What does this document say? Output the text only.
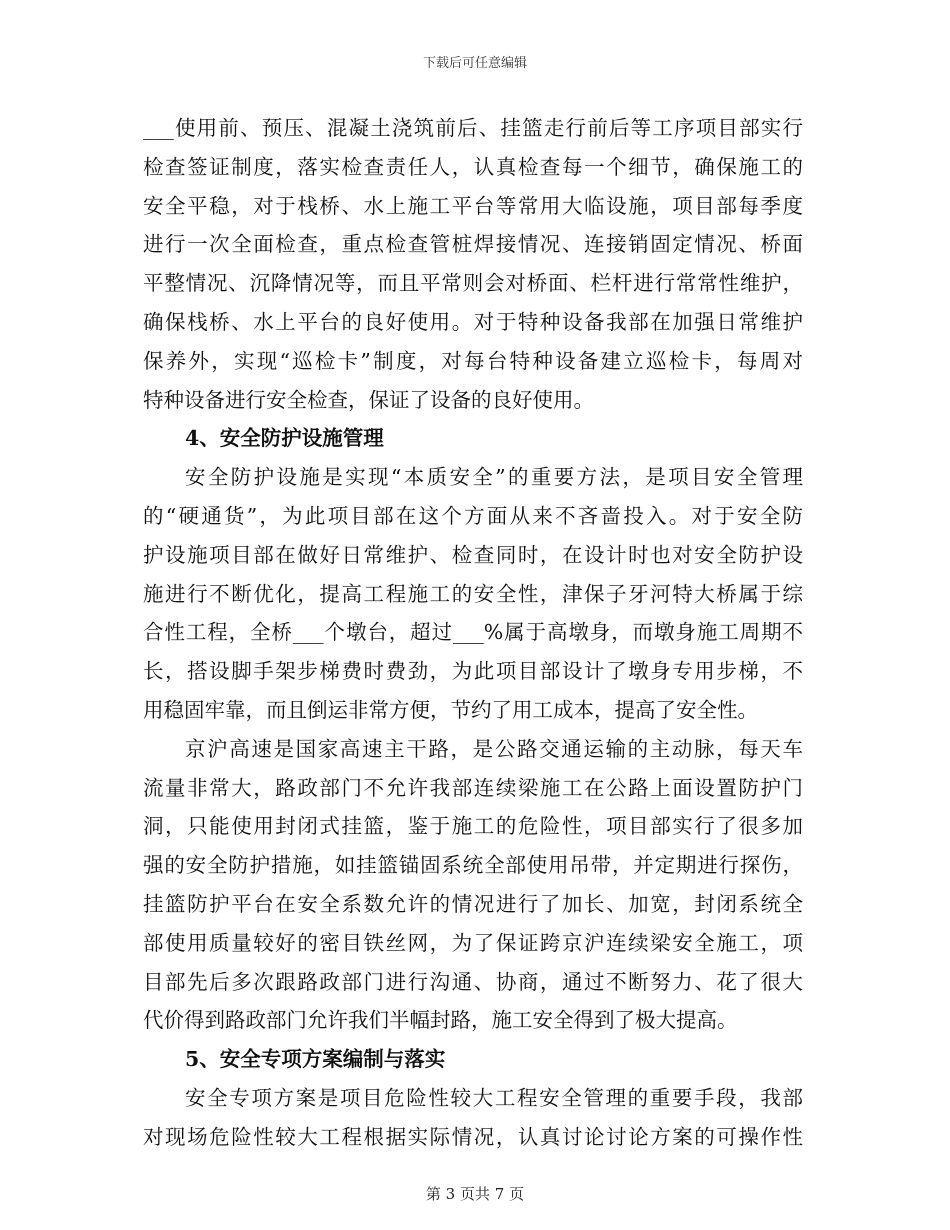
下载后可任意编辑
___使用前、预压、混凝土浇筑前后、挂篮走行前后等工序项目部实行
检查签证制度，落实检查责任人，认真检查每一个细节，确保施工的
安全平稳，对于栈桥、水上施工平台等常用大临设施，项目部每季度
进行一次全面检查，重点检查管桩焊接情况、连接销固定情况、桥面
平整情况、沉降情况等，而且平常则会对桥面、栏杆进行常常性维护，
确保栈桥、水上平台的良好使用。对于特种设备我部在加强日常维护
保养外，实现“巡检卡”制度，对每台特种设备建立巡检卡，每周对
特种设备进行安全检查，保证了设备的良好使用。
4、安全防护设施管理
安全防护设施是实现“本质安全”的重要方法，是项目安全管理
的“硬通货”，为此项目部在这个方面从来不吝啬投入。对于安全防
护设施项目部在做好日常维护、检查同时，在设计时也对安全防护设
施进行不断优化，提高工程施工的安全性，津保子牙河特大桥属于综
合性工程，全桥___个墩台，超过___%属于高墩身，而墩身施工周期不
长，搭设脚手架步梯费时费劲，为此项目部设计了墩身专用步梯，不
用稳固牢靠，而且倒运非常方便，节约了用工成本，提高了安全性。
京沪高速是国家高速主干路，是公路交通运输的主动脉，每天车
流量非常大，路政部门不允许我部连续梁施工在公路上面设置防护门
洞，只能使用封闭式挂篮，鉴于施工的危险性，项目部实行了很多加
强的安全防护措施，如挂篮锚固系统全部使用吊带，并定期进行探伤，
挂篮防护平台在安全系数允许的情况进行了加长、加宽，封闭系统全
部使用质量较好的密目铁丝网，为了保证跨京沪连续梁安全施工，项
目部先后多次跟路政部门进行沟通、协商，通过不断努力、花了很大
代价得到路政部门允许我们半幅封路，施工安全得到了极大提高。
5、安全专项方案编制与落实
安全专项方案是项目危险性较大工程安全管理的重要手段，我部
对现场危险性较大工程根据实际情况，认真讨论讨论方案的可操作性
第 3 页共 7 页
